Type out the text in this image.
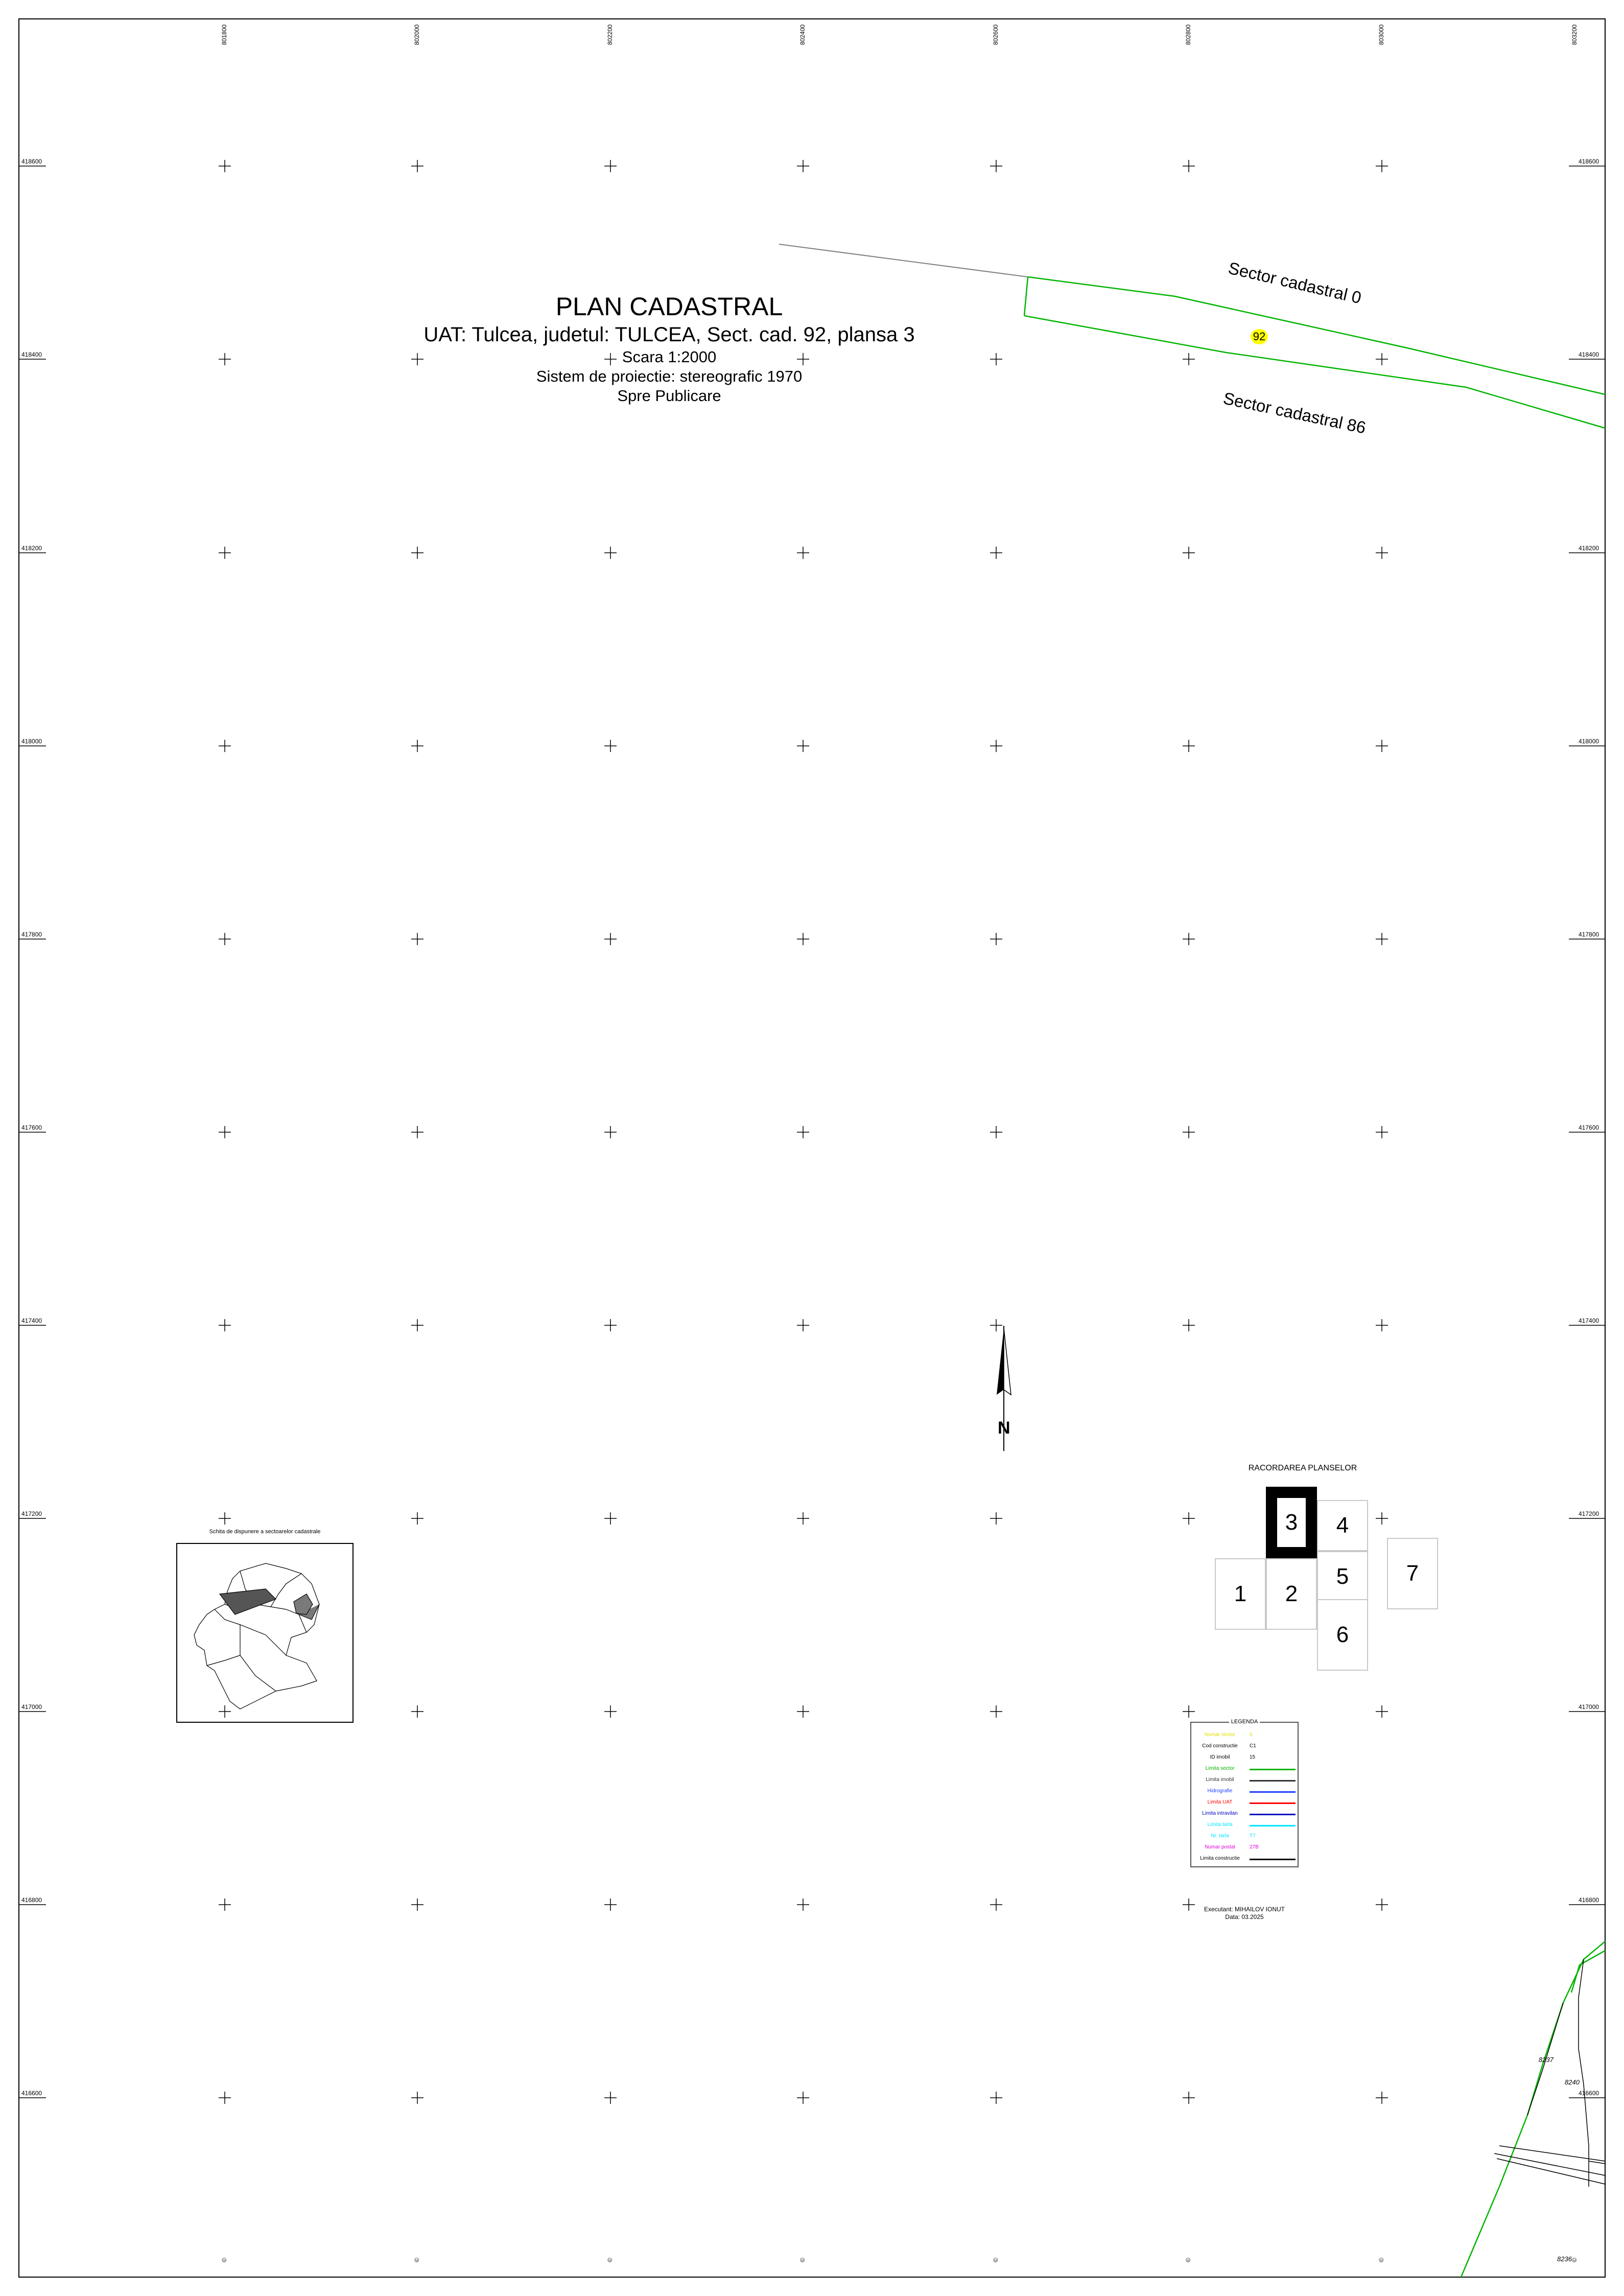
8237
8240
8236
PLAN CADASTRAL
UAT: Tulcea, judetul: TULCEA, Sect. cad. 92, plansa 3
Scara 1:2000
Sistem de proiectie: stereografic 1970
Spre Publicare
Sector cadastral 0
Sector cadastral 86
92
N
418600	418600
418400	418400
418200	418200
418000	418000
417800	417800
417600	417600
417400	417400
417200	417200
417000	417000
416800	416800
416600	416600
801800	802000	802200	802400	802600	802800	803000	803200
©	©	©	©	©	©	©	©
Schita de dispunere a sectoarelor cadastrale
RACORDAREA PLANSELOR
1	2
3	4
5
6
7
LEGENDA
Numar sector	6
Cod constructie	C1
ID imobil	15
Limita sector
Limita imobil
Hidrografie
Limita UAT
Limita intravilan
Limita tarla
Nr. tarla	T7
Numar postal	27B
Limita constructie
Executant: MIHAILOV IONUT
Data: 03.2025
